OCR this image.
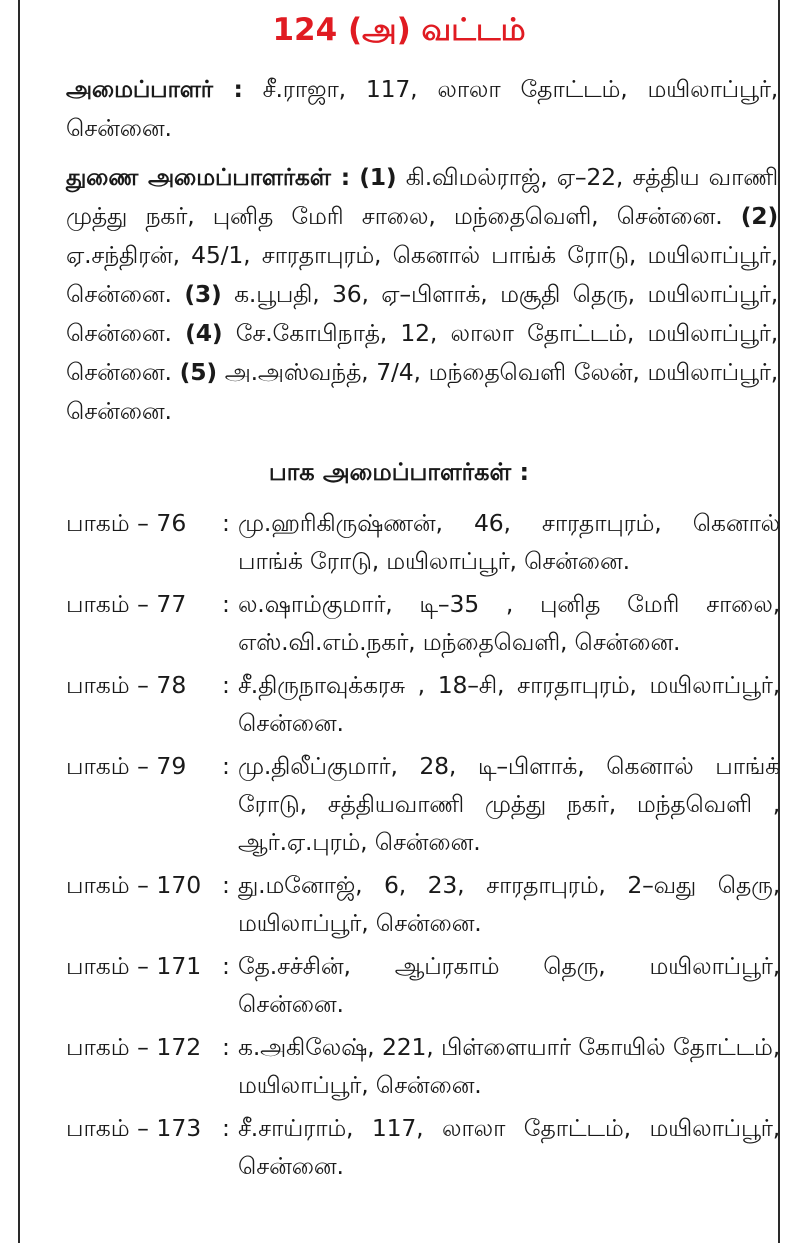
124 (அ) வட்டம்
அமைப்பாளர் : சீ.ராஜா, 117, லாலா தோட்டம், மயிலாப்பூர், சென்னை.
துணை அமைப்பாளர்கள் : (1) கி.விமல்ராஜ், ஏ–22, சத்திய வாணி முத்து நகர், புனித மேரி சாலை, மந்தைவெளி, சென்னை. (2) ஏ.சந்திரன், 45/1, சாரதாபுரம், கெனால் பாங்க் ரோடு, மயிலாப்பூர், சென்னை. (3) க.பூபதி, 36, ஏ–பிளாக், மசூதி தெரு, மயிலாப்பூர், சென்னை. (4) சே.கோபிநாத், 12, லாலா தோட்டம், மயிலாப்பூர், சென்னை. (5) அ.அஸ்வந்த், 7/4, மந்தைவெளி லேன், மயிலாப்பூர், சென்னை.
பாக அமைப்பாளர்கள் :
பாகம் – 76	: மு.ஹரிகிருஷ்ணன், 46, சாரதாபுரம், கெனால் பாங்க் ரோடு, மயிலாப்பூர், சென்னை.
பாகம் – 77	: ல.ஷாம்குமார், டி–35 , புனித மேரி சாலை, எஸ்.வி.எம்.நகர், மந்தைவெளி, சென்னை.
பாகம் – 78	: சீ.திருநாவுக்கரசு , 18–சி, சாரதாபுரம், மயிலாப்பூர், சென்னை.
பாகம் – 79	: மு.திலீப்குமார், 28, டி–பிளாக், கெனால் பாங்க் ரோடு, சத்தியவாணி முத்து நகர், மந்தவெளி , ஆர்.ஏ.புரம், சென்னை.
பாகம் – 170 : து.மனோஜ், 6, 23, சாரதாபுரம், 2–வது தெரு, மயிலாப்பூர், சென்னை.
பாகம் – 171 : தே.சச்சின், ஆப்ரகாம் தெரு, மயிலாப்பூர், சென்னை.
பாகம் – 172 : க.அகிலேஷ், 221, பிள்ளையார் கோயில் தோட்டம், மயிலாப்பூர், சென்னை.
பாகம் – 173 : சீ.சாய்ராம், 117, லாலா தோட்டம், மயிலாப்பூர், சென்னை.
